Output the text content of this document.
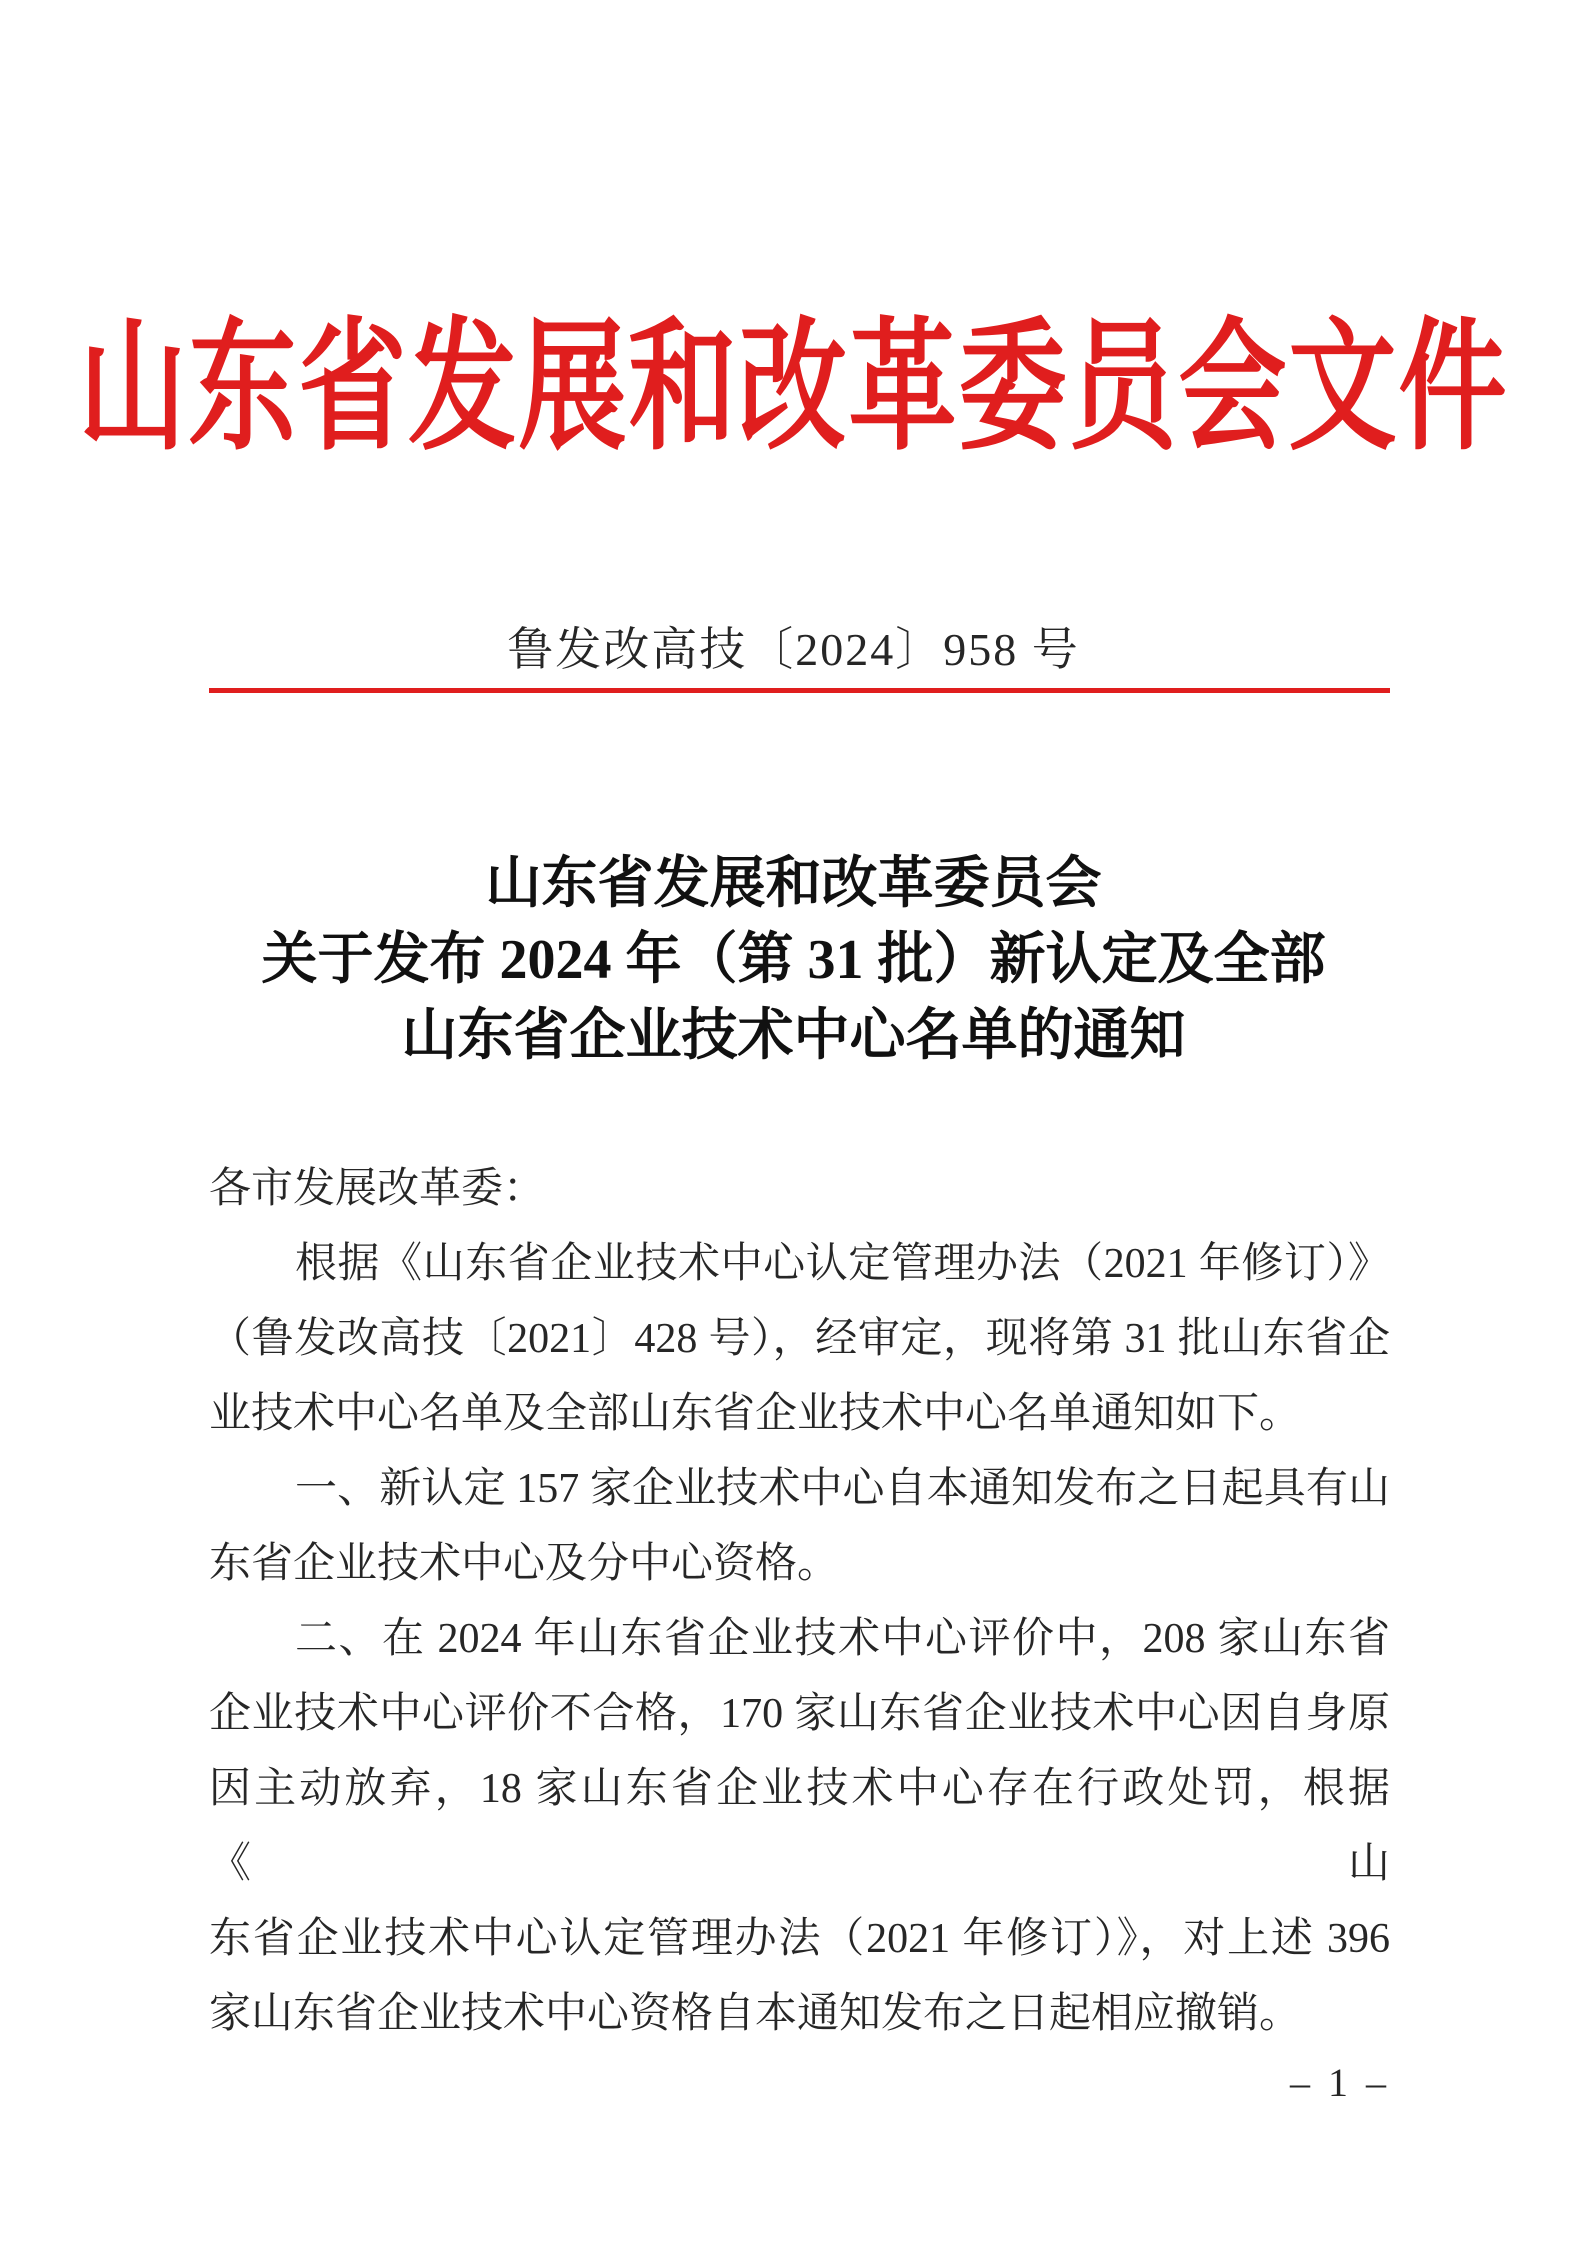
山东省发展和改革委员会文件
鲁发改高技〔2024〕958 号
山东省发展和改革委员会
关于发布 2024 年（第 31 批）新认定及全部
山东省企业技术中心名单的通知
各市发展改革委：
根据《山东省企业技术中心认定管理办法（2021 年修订）》
（鲁发改高技〔2021〕428 号），经审定，现将第 31 批山东省企
业技术中心名单及全部山东省企业技术中心名单通知如下。
一、新认定 157 家企业技术中心自本通知发布之日起具有山
东省企业技术中心及分中心资格。
二、在 2024 年山东省企业技术中心评价中，208 家山东省
企业技术中心评价不合格，170 家山东省企业技术中心因自身原
因主动放弃，18 家山东省企业技术中心存在行政处罚，根据《山
东省企业技术中心认定管理办法（2021 年修订）》，对上述 396
家山东省企业技术中心资格自本通知发布之日起相应撤销。
– 1 –
